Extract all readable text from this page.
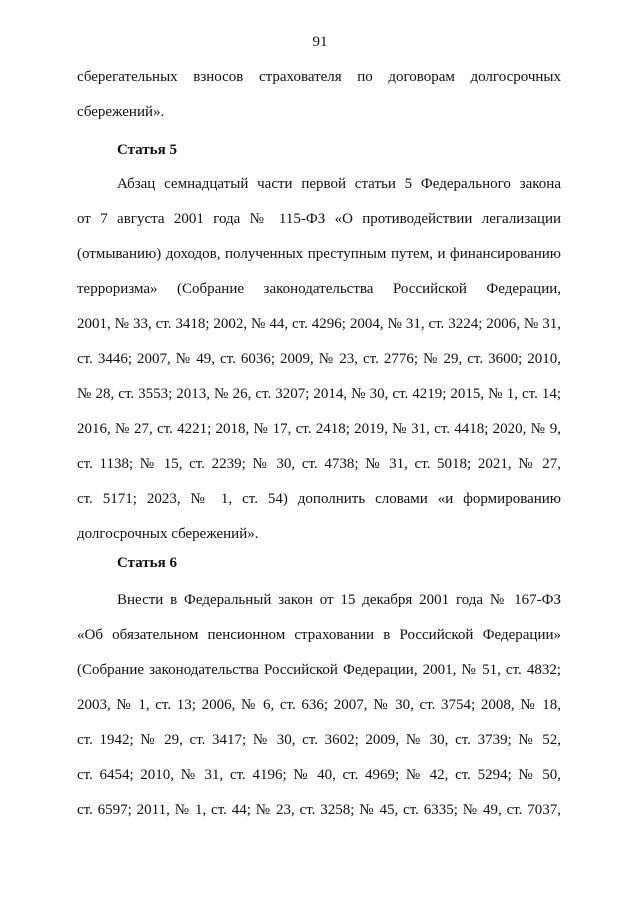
91
сберегательных взносов страхователя по договорам долгосрочных
сбережений».
Статья 5
Абзац семнадцатый части первой статьи 5 Федерального закона
от 7 августа 2001 года № 115-ФЗ «О противодействии легализации
(отмыванию) доходов, полученных преступным путем, и финансированию
терроризма» (Собрание законодательства Российской Федерации,
2001, № 33, ст. 3418; 2002, № 44, ст. 4296; 2004, № 31, ст. 3224; 2006, № 31,
ст. 3446; 2007, № 49, ст. 6036; 2009, № 23, ст. 2776; № 29, ст. 3600; 2010,
№ 28, ст. 3553; 2013, № 26, ст. 3207; 2014, № 30, ст. 4219; 2015, № 1, ст. 14;
2016, № 27, ст. 4221; 2018, № 17, ст. 2418; 2019, № 31, ст. 4418; 2020, № 9,
ст. 1138; № 15, ст. 2239; № 30, ст. 4738; № 31, ст. 5018; 2021, № 27,
ст. 5171; 2023, № 1, ст. 54) дополнить словами «и формированию
долгосрочных сбережений».
Статья 6
Внести в Федеральный закон от 15 декабря 2001 года № 167-ФЗ
«Об обязательном пенсионном страховании в Российской Федерации»
(Собрание законодательства Российской Федерации, 2001, № 51, ст. 4832;
2003, № 1, ст. 13; 2006, № 6, ст. 636; 2007, № 30, ст. 3754; 2008, № 18,
ст. 1942; № 29, ст. 3417; № 30, ст. 3602; 2009, № 30, ст. 3739; № 52,
ст. 6454; 2010, № 31, ст. 4196; № 40, ст. 4969; № 42, ст. 5294; № 50,
ст. 6597; 2011, № 1, ст. 44; № 23, ст. 3258; № 45, ст. 6335; № 49, ст. 7037,
